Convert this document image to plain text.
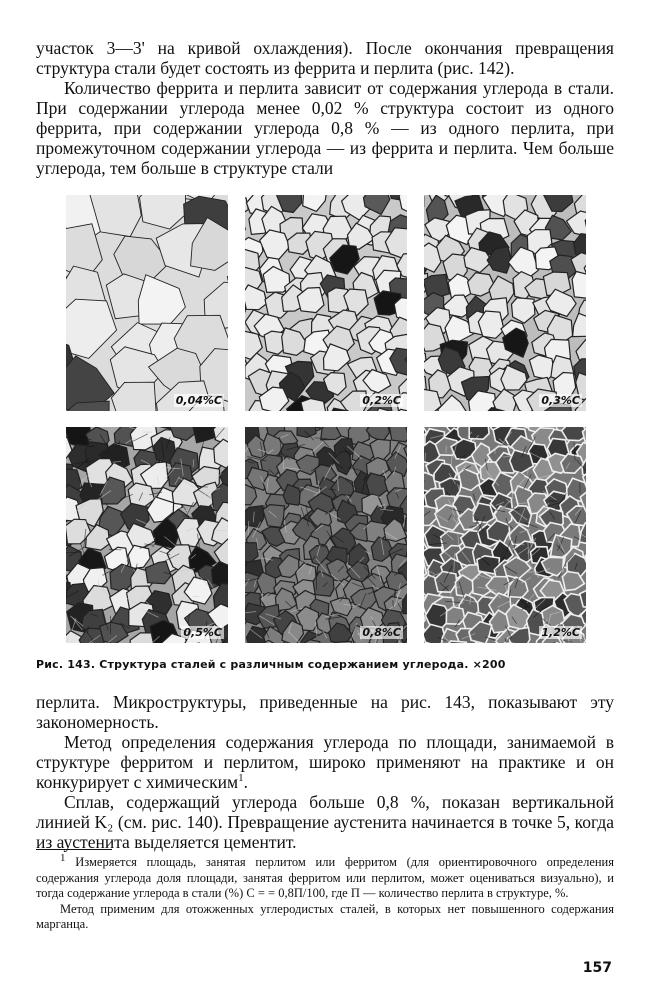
участок 3—3' на кривой охлаждения). После окончания превращения структура стали будет состоять из феррита и перлита (рис. 142).

Количество феррита и перлита зависит от содержания углерода в стали. При содержании углерода менее 0,02 % структура состоит из одного феррита, при содержании углерода 0,8 % — из одного перлита, при промежуточном содержании углерода — из феррита и перлита. Чем больше углерода, тем больше в структуре стали

0,04%C	0,2%C	0,3%C
0,5%C	0,8%C	1,2%C
Рис. 143. Структура сталей с различным содержанием углерода. ×200

перлита. Микроструктуры, приведенные на рис. 143, показывают эту закономерность.

Метод определения содержания углерода по площади, занимаемой в структуре ферритом и перлитом, широко применяют на практике и он конкурирует с химическим$^1$.

Сплав, содержащий углерода больше 0,8 %, показан вертикальной линией K₂ (см. рис. 140). Превращение аустенита начинается в точке 5, когда из аустенита выделяется цементит.

1 Измеряется площадь, занятая перлитом или ферритом (для ориентировочного определения содержания углерода доля площади, занятая ферритом или перлитом, может оцениваться визуально), и тогда содержание углерода в стали (%) C = = 0,8П/100, где П — количество перлита в структуре, %.

Метод применим для отожженных углеродистых сталей, в которых нет повышенного содержания марганца.

157
